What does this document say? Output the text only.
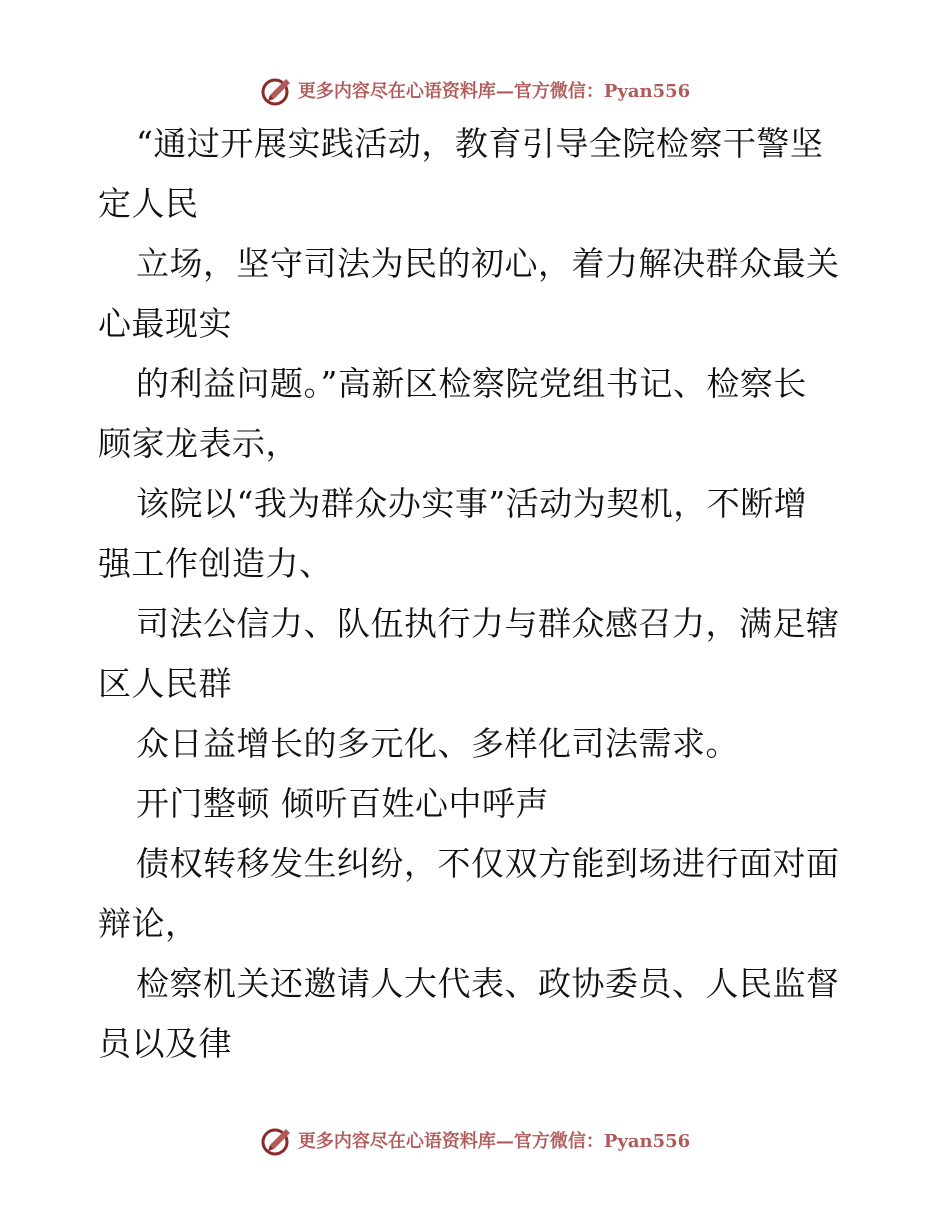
更多内容尽在心语资料库—官方微信：Pyan556
“通过开展实践活动，教育引导全院检察干警坚
定人民
立场，坚守司法为民的初心，着力解决群众最关
心最现实
的利益问题。”高新区检察院党组书记、检察长
顾家龙表示，
该院以“我为群众办实事”活动为契机，不断增
强工作创造力、
司法公信力、队伍执行力与群众感召力，满足辖
区人民群
众日益增长的多元化、多样化司法需求。
开门整顿 倾听百姓心中呼声
债权转移发生纠纷，不仅双方能到场进行面对面
辩论，
检察机关还邀请人大代表、政协委员、人民监督
员以及律
更多内容尽在心语资料库—官方微信：Pyan556
